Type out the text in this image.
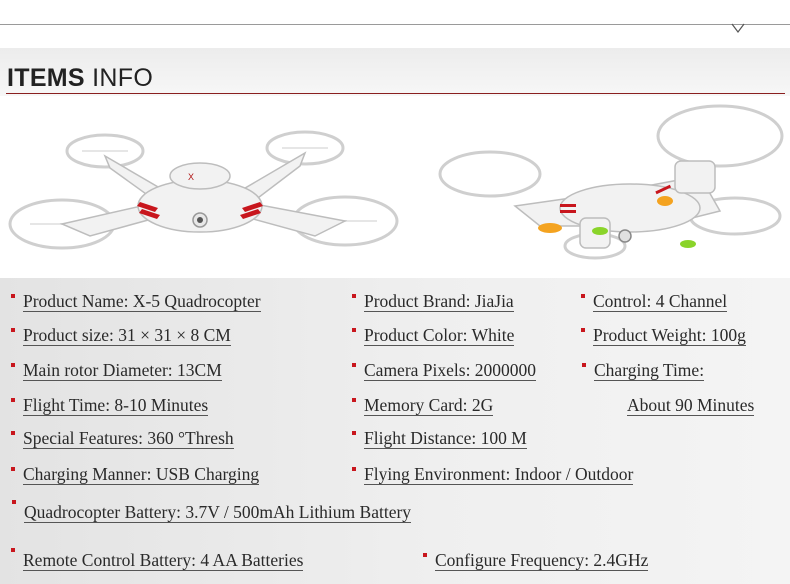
ITEMS INFO
X
Product Name: X-5 Quadrocopter	Product Brand: JiaJia	Control: 4 Channel
Product size: 31 × 31 × 8 CM	Product Color: White	Product Weight: 100g
Main rotor Diameter: 13CM	Camera Pixels: 2000000	Charging Time:
Flight Time: 8-10 Minutes	Memory Card: 2G	About 90 Minutes
Special Features: 360 °Thresh	Flight Distance: 100 M
Charging Manner: USB Charging	Flying Environment: Indoor / Outdoor
Quadrocopter Battery: 3.7V / 500mAh Lithium Battery
Remote Control Battery: 4 AA Batteries	Configure Frequency: 2.4GHz
